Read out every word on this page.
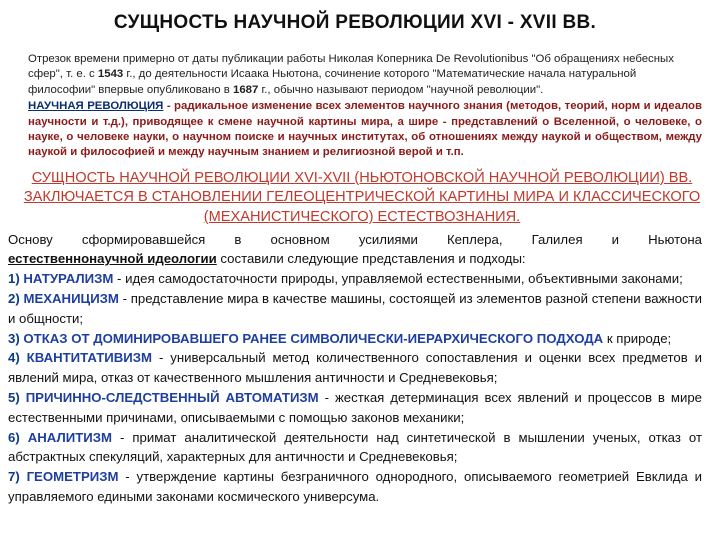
СУЩНОСТЬ НАУЧНОЙ РЕВОЛЮЦИИ XVI - XVII ВВ.
Отрезок времени примерно от даты публикации работы Николая Коперника De Revolutionibus "Об обращениях небесных сфер", т. е. с 1543 г., до деятельности Исаака Ньютона, сочинение которого "Математические начала натуральной философии" впервые опубликовано в 1687 г., обычно называют периодом "научной революции".
НАУЧНАЯ РЕВОЛЮЦИЯ - радикальное изменение всех элементов научного знания (методов, теорий, норм и идеалов научности и т.д.), приводящее к смене научной картины мира, а шире - представлений о Вселенной, о человеке, о науке, о человеке науки, о научном поиске и научных институтах, об отношениях между наукой и обществом, между наукой и философией и между научным знанием и религиозной верой и т.п.
СУЩНОСТЬ НАУЧНОЙ РЕВОЛЮЦИИ XVI-XVII (НЬЮТОНОВСКОЙ НАУЧНОЙ РЕВОЛЮЦИИ) ВВ. ЗАКЛЮЧАЕТСЯ В СТАНОВЛЕНИИ ГЕЛЕОЦЕНТРИЧЕСКОЙ КАРТИНЫ МИРА И КЛАССИЧЕСКОГО (МЕХАНИСТИЧЕСКОГО) ЕСТЕСТВОЗНАНИЯ.

Основу сформировавшейся в основном усилиями Кеплера, Галилея и Ньютона

естественнонаучной идеологии составили следующие представления и подходы:

1) НАТУРАЛИЗМ - идея самодостаточности природы, управляемой естественными, объективными законами;

2) МЕХАНИЦИЗМ - представление мира в качестве машины, состоящей из элементов разной степени важности и общности;

3) ОТКАЗ ОТ ДОМИНИРОВАВШЕГО РАНЕЕ СИМВОЛИЧЕСКИ-ИЕРАРХИЧЕСКОГО ПОДХОДА к природе;

4) КВАНТИТАТИВИЗМ - универсальный метод количественного сопоставления и оценки всех предметов и явлений мира, отказ от качественного мышления античности и Средневековья;

5) ПРИЧИННО-СЛЕДСТВЕННЫЙ АВТОМАТИЗМ - жесткая детерминация всех явлений и процессов в мире естественными причинами, описываемыми с помощью законов механики;

6) АНАЛИТИЗМ - примат аналитической деятельности над синтетической в мышлении ученых, отказ от абстрактных спекуляций, характерных для античности и Средневековья;

7) ГЕОМЕТРИЗМ - утверждение картины безграничного однородного, описываемого геометрией Евклида и управляемого едиными законами космического универсума.
